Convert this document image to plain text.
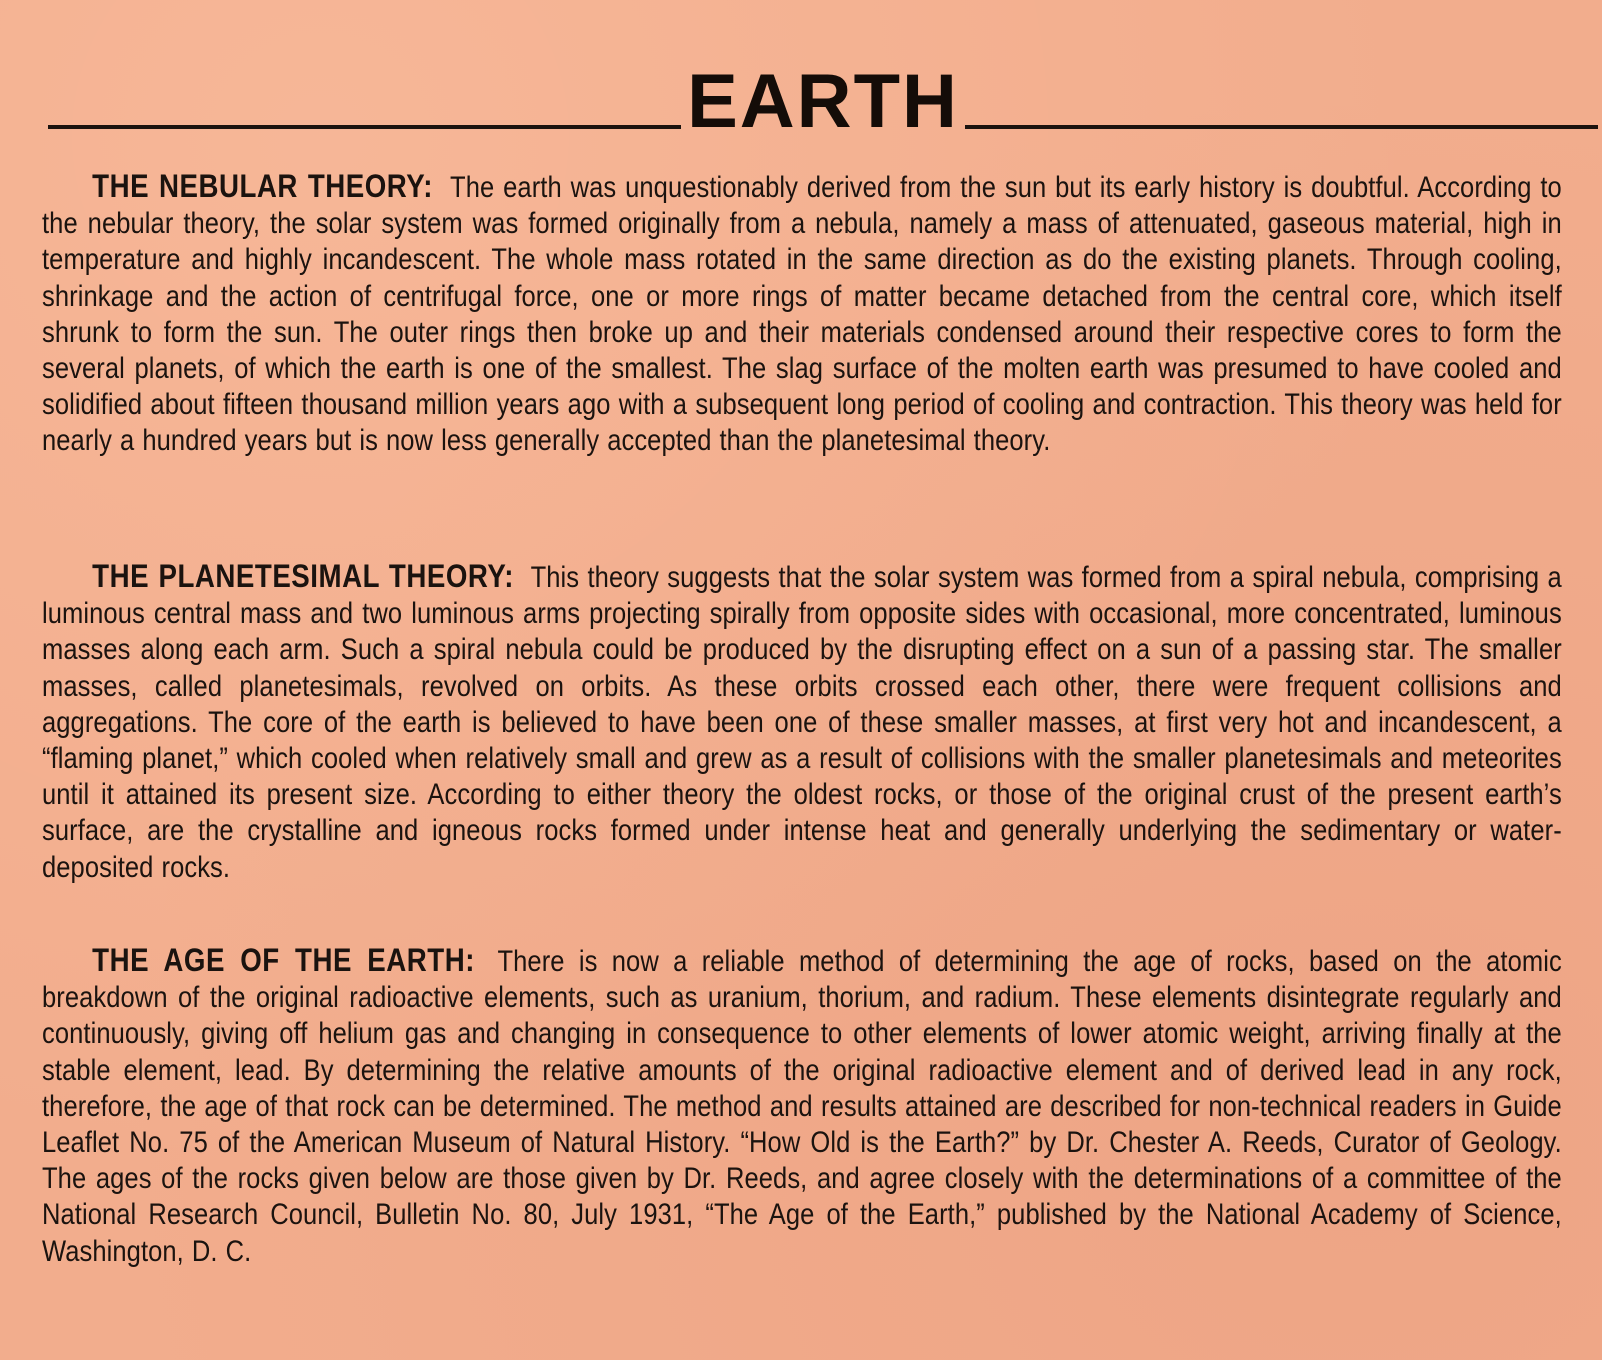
EARTH

THE NEBULAR THEORY: The earth was unquestionably derived from the sun but its early history is doubtful. According to the nebular theory, the solar system was formed originally from a nebula, namely a mass of attenuated, gaseous material, high in temperature and highly incandescent. The whole mass rotated in the same direction as do the existing planets. Through cooling, shrinkage and the action of centrifugal force, one or more rings of matter became detached from the central core, which itself shrunk to form the sun. The outer rings then broke up and their materials condensed around their respective cores to form the several planets, of which the earth is one of the smallest. The slag surface of the molten earth was presumed to have cooled and solidified about fifteen thousand million years ago with a subsequent long period of cooling and contraction. This theory was held for nearly a hundred years but is now less generally accepted than the planetesimal theory.

THE PLANETESIMAL THEORY: This theory suggests that the solar system was formed from a spiral nebula, comprising a luminous central mass and two luminous arms projecting spirally from opposite sides with occasional, more concentrated, luminous masses along each arm. Such a spiral nebula could be produced by the disrupting effect on a sun of a passing star. The smaller masses, called planetesimals, revolved on orbits. As these orbits crossed each other, there were frequent collisions and aggregations. The core of the earth is believed to have been one of these smaller masses, at first very hot and incandescent, a “flaming planet,” which cooled when relatively small and grew as a result of collisions with the smaller planetesimals and meteorites until it attained its present size. According to either theory the oldest rocks, or those of the original crust of the present earth’s surface, are the crystalline and igneous rocks formed under intense heat and generally underlying the sedimentary or water-deposited rocks.

THE AGE OF THE EARTH: There is now a reliable method of determining the age of rocks, based on the atomic breakdown of the original radioactive elements, such as uranium, thorium, and radium. These elements disintegrate regularly and continuously, giving off helium gas and changing in consequence to other elements of lower atomic weight, arriving finally at the stable element, lead. By determining the relative amounts of the original radioactive element and of derived lead in any rock, therefore, the age of that rock can be determined. The method and results attained are described for non-technical readers in Guide Leaflet No. 75 of the American Museum of Natural History. “How Old is the Earth?” by Dr. Chester A. Reeds, Curator of Geology. The ages of the rocks given below are those given by Dr. Reeds, and agree closely with the determinations of a committee of the National Research Council, Bulletin No. 80, July 1931, “The Age of the Earth,” published by the National Academy of Science, Washington, D. C.
